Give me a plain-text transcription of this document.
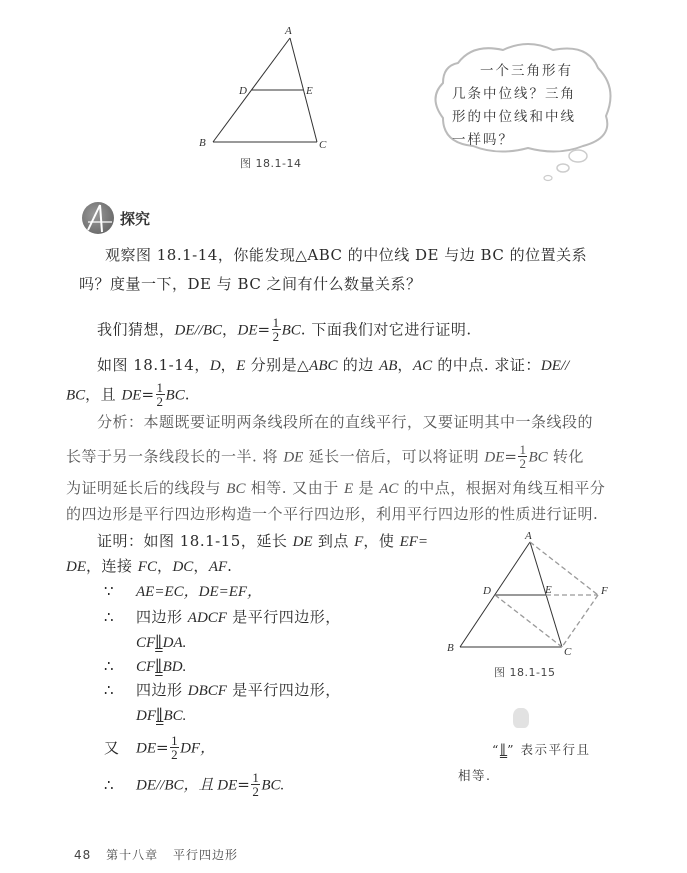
A
B	C
D	E
图 18.1-14
一个三角形有
几条中位线？三角
形的中位线和中线
一样吗？
探究
观察图 18.1-14，你能发现△ABC 的中位线 DE 与边 BC 的位置关系
吗？度量一下，DE 与 BC 之间有什么数量关系？
我们猜想，DE//BC，$DE= \frac{1}{2}$ BC. 下面我们对它进行证明.
如图 18.1-14，D，E 分别是△ABC 的边 AB，AC 的中点. 求证：DE//
BC，且 $DE= \frac{1}{2}$ BC.
分析：本题既要证明两条线段所在的直线平行，又要证明其中一条线段的
长等于另一条线段长的一半. 将 DE 延长一倍后，可以将证明 $DE= \frac{1}{2}$ BC 转化
为证明延长后的线段与 BC 相等. 又由于 E 是 AC 的中点，根据对角线互相平分
的四边形是平行四边形构造一个平行四边形，利用平行四边形的性质进行证明.
证明：如图 18.1-15，延长 DE 到点 F，使 EF=
DE，连接 FC，DC，AF.
∵ AE=EC，DE=EF，
∴ 四边形 ADCF 是平行四边形，
CF∥DA.
∴ CF∥BD.
∴ 四边形 DBCF 是平行四边形，
DF∥BC.
又 $DE= \frac{1}{2}$ DF，
∴ DE//BC，且 $DE= \frac{1}{2}$ BC.
A
B	C
D	E	F
图 18.1-15
“∥” 表示平行且
相等.
48 第十八章 平行四边形
